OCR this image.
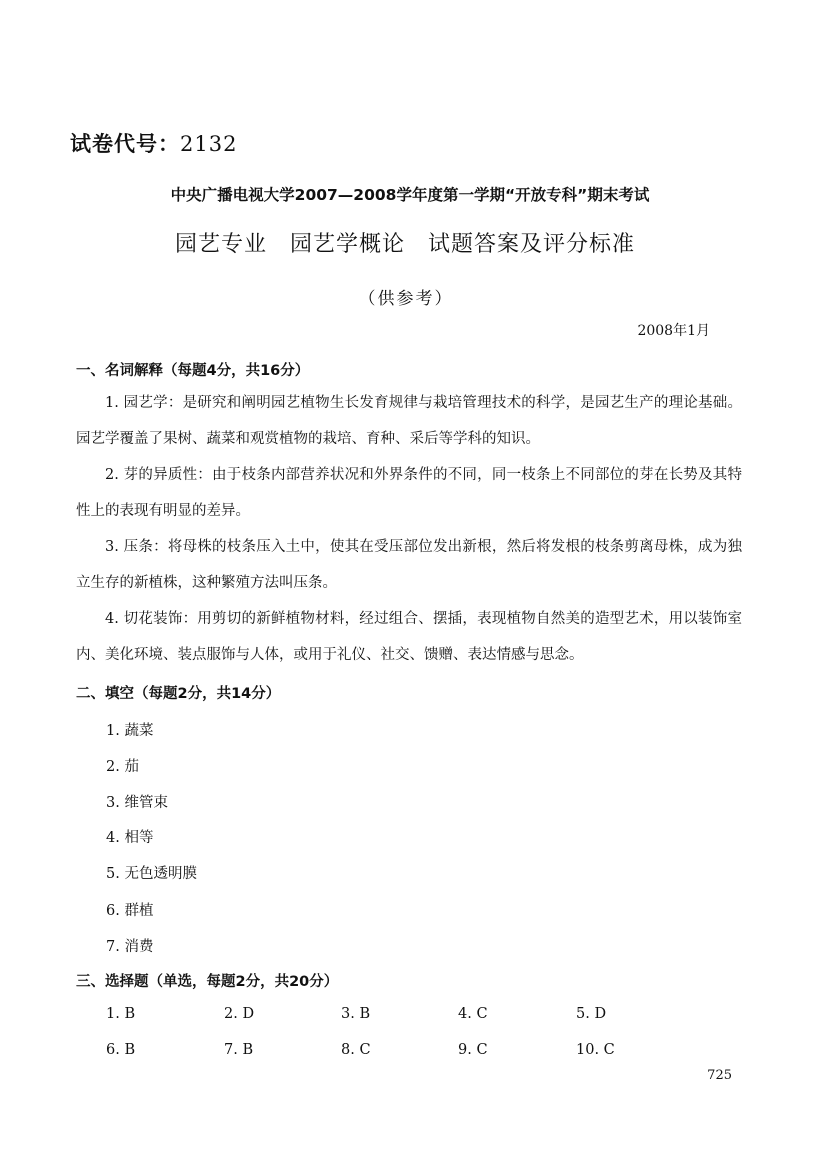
试卷代号：2132
中央广播电视大学2007—2008学年度第一学期“开放专科”期末考试
园艺专业　园艺学概论　试题答案及评分标准
（供参考）
2008年1月
一、名词解释（每题4分，共16分）
1. 园艺学：是研究和阐明园艺植物生长发育规律与栽培管理技术的科学，是园艺生产的理论基础。园艺学覆盖了果树、蔬菜和观赏植物的栽培、育种、采后等学科的知识。
2. 芽的异质性：由于枝条内部营养状况和外界条件的不同，同一枝条上不同部位的芽在长势及其特性上的表现有明显的差异。
3. 压条：将母株的枝条压入土中，使其在受压部位发出新根，然后将发根的枝条剪离母株，成为独立生存的新植株，这种繁殖方法叫压条。
4. 切花装饰：用剪切的新鲜植物材料，经过组合、摆插，表现植物自然美的造型艺术，用以装饰室内、美化环境、装点服饰与人体，或用于礼仪、社交、馈赠、表达情感与思念。
二、填空（每题2分，共14分）
1. 蔬菜
2. 茄
3. 维管束
4. 相等
5. 无色透明膜
6. 群植
7. 消费
三、选择题（单选，每题2分，共20分）
1. B	2. D	3. B	4. C	5. D
6. B	7. B	8. C	9. C	10. C
725
